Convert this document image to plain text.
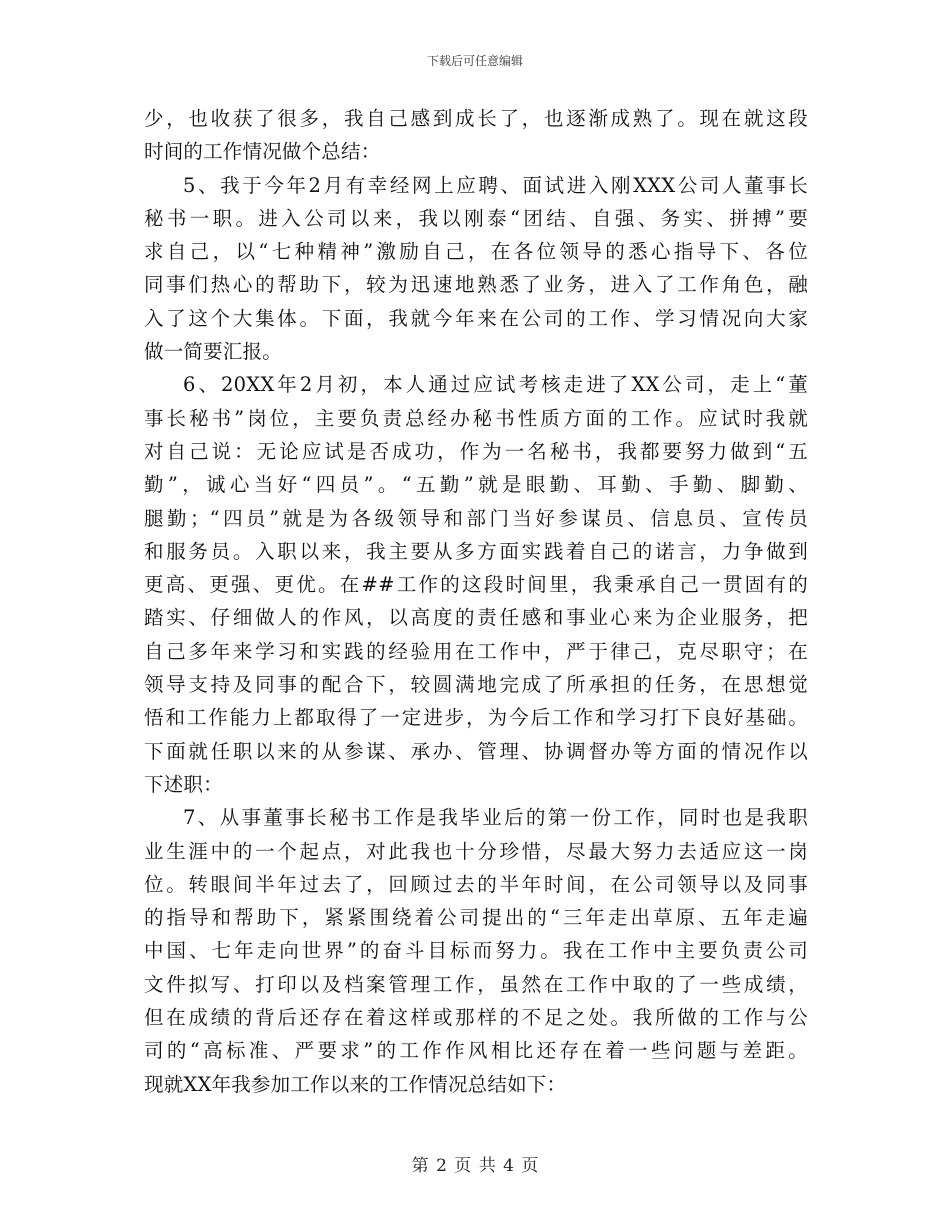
下载后可任意编辑
少，也收获了很多，我自己感到成长了，也逐渐成熟了。现在就这段
时间的工作情况做个总结：
5、我于今年2月有幸经网上应聘、面试进入刚XXX公司人董事长
秘书一职。进入公司以来，我以刚泰“团结、自强、务实、拼搏”要
求自己，以“七种精神”激励自己，在各位领导的悉心指导下、各位
同事们热心的帮助下，较为迅速地熟悉了业务，进入了工作角色，融
入了这个大集体。下面，我就今年来在公司的工作、学习情况向大家
做一简要汇报。
6、20XX年2月初，本人通过应试考核走进了XX公司，走上“董
事长秘书”岗位，主要负责总经办秘书性质方面的工作。应试时我就
对自己说：无论应试是否成功，作为一名秘书，我都要努力做到“五
勤”，诚心当好“四员”。“五勤”就是眼勤、耳勤、手勤、脚勤、
腿勤；“四员”就是为各级领导和部门当好参谋员、信息员、宣传员
和服务员。入职以来，我主要从多方面实践着自己的诺言，力争做到
更高、更强、更优。在##工作的这段时间里，我秉承自己一贯固有的
踏实、仔细做人的作风，以高度的责任感和事业心来为企业服务，把
自己多年来学习和实践的经验用在工作中，严于律己，克尽职守；在
领导支持及同事的配合下，较圆满地完成了所承担的任务，在思想觉
悟和工作能力上都取得了一定进步，为今后工作和学习打下良好基础。
下面就任职以来的从参谋、承办、管理、协调督办等方面的情况作以
下述职：
7、从事董事长秘书工作是我毕业后的第一份工作，同时也是我职
业生涯中的一个起点，对此我也十分珍惜，尽最大努力去适应这一岗
位。转眼间半年过去了，回顾过去的半年时间，在公司领导以及同事
的指导和帮助下，紧紧围绕着公司提出的“三年走出草原、五年走遍
中国、七年走向世界”的奋斗目标而努力。我在工作中主要负责公司
文件拟写、打印以及档案管理工作，虽然在工作中取的了一些成绩，
但在成绩的背后还存在着这样或那样的不足之处。我所做的工作与公
司的“高标准、严要求”的工作作风相比还存在着一些问题与差距。
现就XX年我参加工作以来的工作情况总结如下：
第 2 页 共 4 页
